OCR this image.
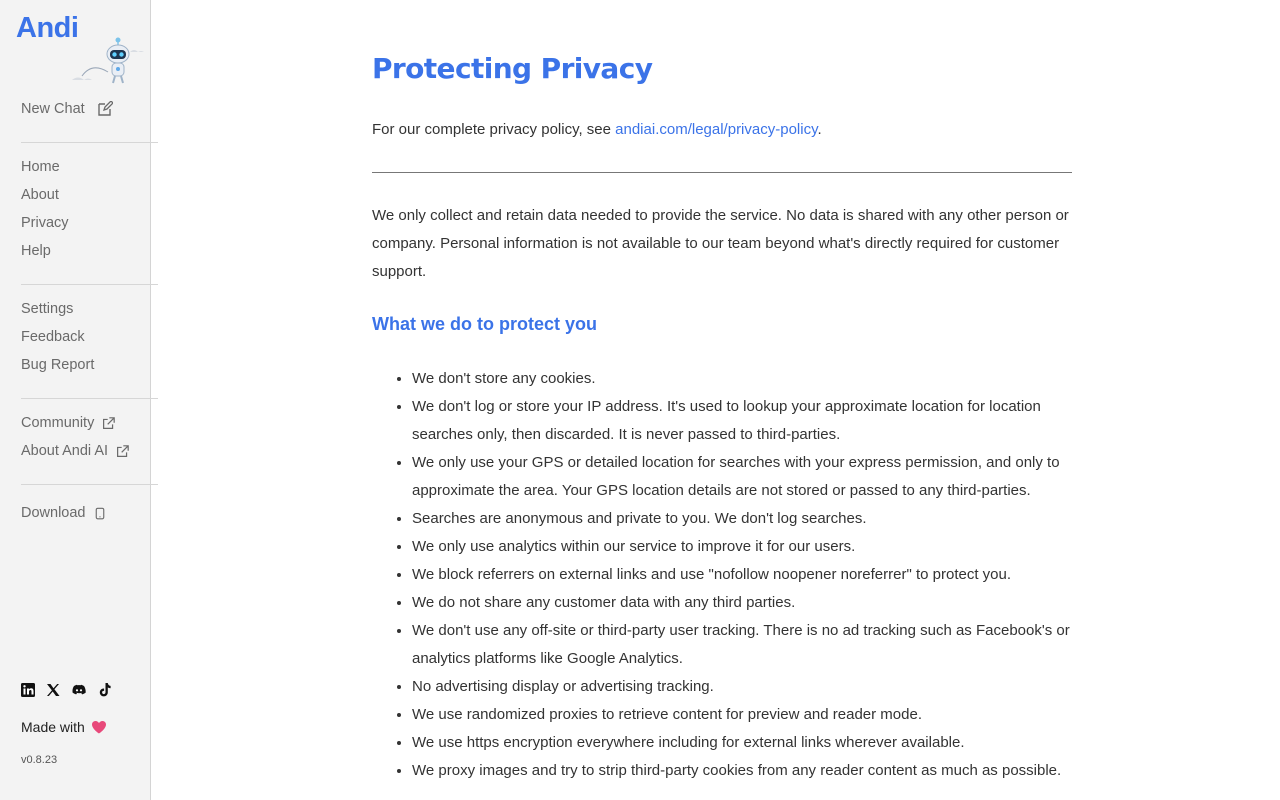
Andi
New Chat
Home
About
Privacy
Help
Settings
Feedback
Bug Report
Community
About Andi AI
Download
Made with
v0.8.23
Protecting Privacy

For our complete privacy policy, see andiai.com/legal/privacy-policy.

We only collect and retain data needed to provide the service. No data is shared with any other person or company. Personal information is not available to our team beyond what's directly required for customer support.

What we do to protect you
• We don't store any cookies.
• We don't log or store your IP address. It's used to lookup your approximate location for location searches only, then discarded. It is never passed to third-parties.
• We only use your GPS or detailed location for searches with your express permission, and only to approximate the area. Your GPS location details are not stored or passed to any third-parties.
• Searches are anonymous and private to you. We don't log searches.
• We only use analytics within our service to improve it for our users.
• We block referrers on external links and use "nofollow noopener noreferrer" to protect you.
• We do not share any customer data with any third parties.
• We don't use any off-site or third-party user tracking. There is no ad tracking such as Facebook's or analytics platforms like Google Analytics.
• No advertising display or advertising tracking.
• We use randomized proxies to retrieve content for preview and reader mode.
• We use https encryption everywhere including for external links wherever available.
• We proxy images and try to strip third-party cookies from any reader content as much as possible.
